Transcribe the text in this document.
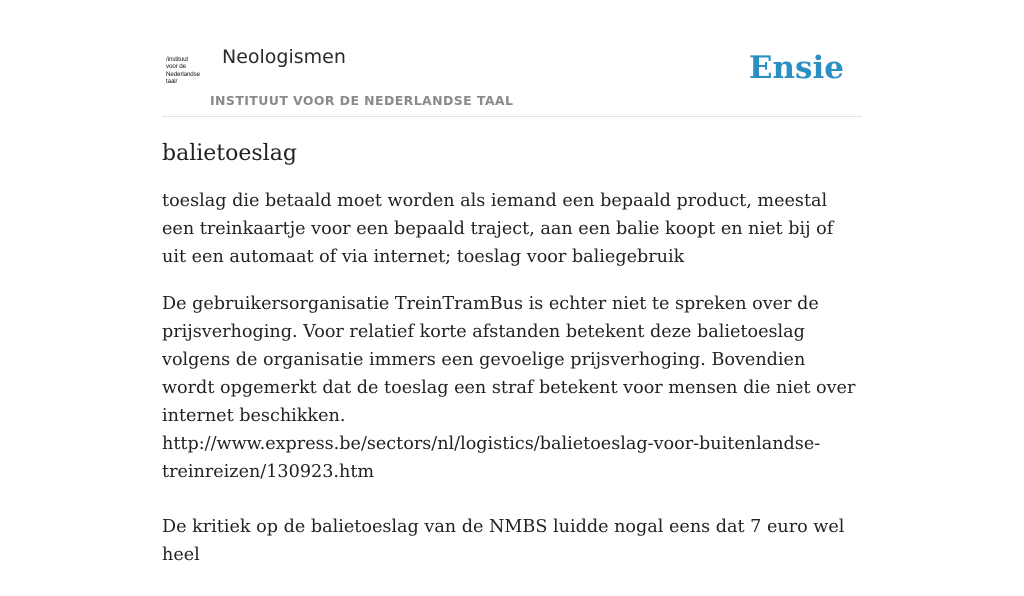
/instituut
voor de
Nederlandse
taal/
Neologismen
INSTITUUT VOOR DE NEDERLANDSE TAAL
Ensie
balietoeslag

toeslag die betaald moet worden als iemand een bepaald product, meestal een treinkaartje voor een bepaald traject, aan een balie koopt en niet bij of uit een automaat of via internet; toeslag voor baliegebruik

De gebruikersorganisatie TreinTramBus is echter niet te spreken over de prijsverhoging. Voor relatief korte afstanden betekent deze balietoeslag volgens de organisatie immers een gevoelige prijsverhoging. Bovendien wordt opgemerkt dat de toeslag een straf betekent voor mensen die niet over internet beschikken.
http://www.express.be/sectors/nl/logistics/balietoeslag-voor-buitenlandse-treinreizen/130923.htm
De kritiek op de balietoeslag van de NMBS luidde nogal eens dat 7 euro wel heel
